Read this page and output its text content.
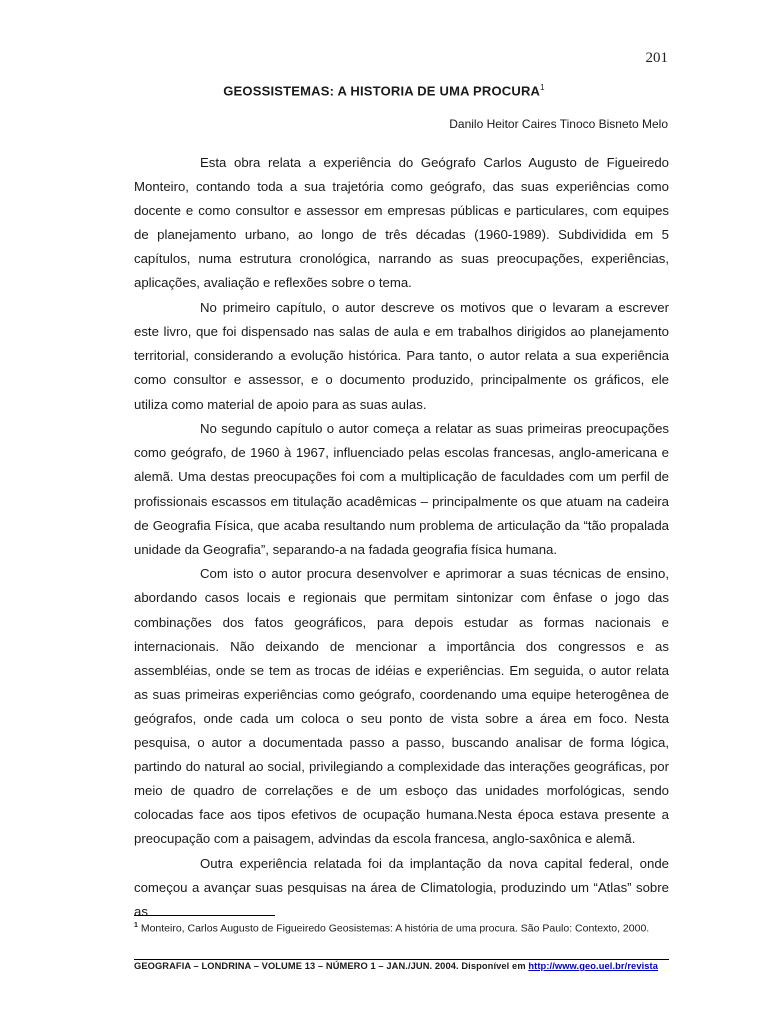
201
GEOSSISTEMAS: A HISTORIA DE UMA PROCURA$^1$
Danilo Heitor Caires Tinoco Bisneto Melo

Esta obra relata a experiência do Geógrafo Carlos Augusto de Figueiredo Monteiro, contando toda a sua trajetória como geógrafo, das suas experiências como docente e como consultor e assessor em empresas públicas e particulares, com equipes de planejamento urbano, ao longo de três décadas (1960-1989). Subdividida em 5 capítulos, numa estrutura cronológica, narrando as suas preocupações, experiências, aplicações, avaliação e reflexões sobre o tema.

No primeiro capítulo, o autor descreve os motivos que o levaram a escrever este livro, que foi dispensado nas salas de aula e em trabalhos dirigidos ao planejamento territorial, considerando a evolução histórica. Para tanto, o autor relata a sua experiência como consultor e assessor, e o documento produzido, principalmente os gráficos, ele utiliza como material de apoio para as suas aulas.

No segundo capítulo o autor começa a relatar as suas primeiras preocupações como geógrafo, de 1960 à 1967, influenciado pelas escolas francesas, anglo-americana e alemã. Uma destas preocupações foi com a multiplicação de faculdades com um perfil de profissionais escassos em titulação acadêmicas – principalmente os que atuam na cadeira de Geografia Física, que acaba resultando num problema de articulação da “tão propalada unidade da Geografia”, separando-a na fadada geografia física humana.

Com isto o autor procura desenvolver e aprimorar a suas técnicas de ensino, abordando casos locais e regionais que permitam sintonizar com ênfase o jogo das combinações dos fatos geográficos, para depois estudar as formas nacionais e internacionais. Não deixando de mencionar a importância dos congressos e as assembléias, onde se tem as trocas de idéias e experiências. Em seguida, o autor relata as suas primeiras experiências como geógrafo, coordenando uma equipe heterogênea de geógrafos, onde cada um coloca o seu ponto de vista sobre a área em foco. Nesta pesquisa, o autor a documentada passo a passo, buscando analisar de forma lógica, partindo do natural ao social, privilegiando a complexidade das interações geográficas, por meio de quadro de correlações e de um esboço das unidades morfológicas, sendo colocadas face aos tipos efetivos de ocupação humana.Nesta época estava presente a preocupação com a paisagem, advindas da escola francesa, anglo-saxônica e alemã.

Outra experiência relatada foi da implantação da nova capital federal, onde começou a avançar suas pesquisas na área de Climatologia, produzindo um “Atlas” sobre as

$^1$ Monteiro, Carlos Augusto de Figueiredo Geosistemas: A história de uma procura. São Paulo: Contexto, 2000.
GEOGRAFIA – LONDRINA – VOLUME 13 – NÚMERO 1 – JAN./JUN. 2004. Disponível em http://www.geo.uel.br/revista
